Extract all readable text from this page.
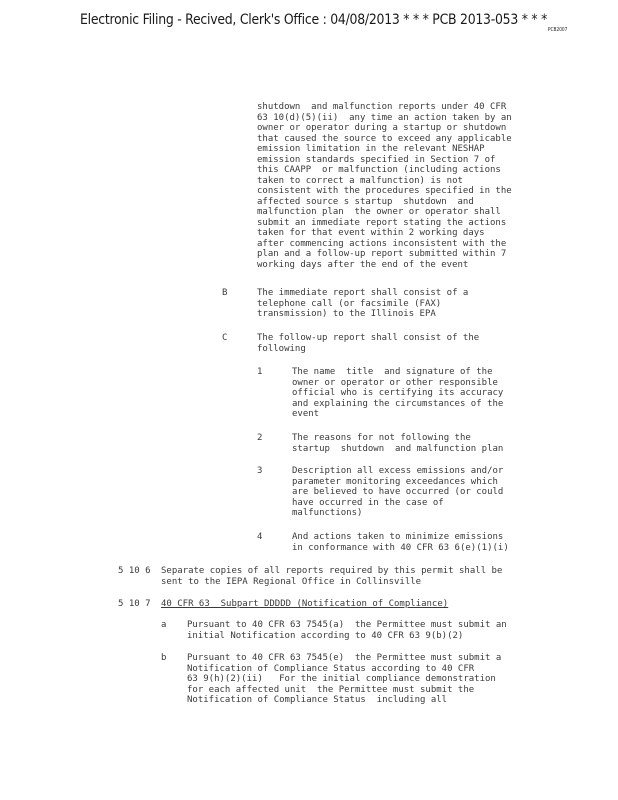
Electronic Filing - Recived, Clerk's Office : 04/08/2013 * * * PCB 2013-053 * * $*_{PCB2007}$

shutdown  and malfunction reports under 40 CFR

63 10(d)(5)(ii)  any time an action taken by an

owner or operator during a startup or shutdown

that caused the source to exceed any applicable

emission limitation in the relevant NESHAP

emission standards specified in Section 7 of

this CAAPP  or malfunction (including actions

taken to correct a malfunction) is not

consistent with the procedures specified in the

affected source s startup  shutdown  and

malfunction plan  the owner or operator shall

submit an immediate report stating the actions

taken for that event within 2 working days

after commencing actions inconsistent with the

plan and a follow-up report submitted within 7

working days after the end of the event

B	The immediate report shall consist of a

telephone call (or facsimile (FAX)

transmission) to the Illinois EPA

C	The follow-up report shall consist of the

following

1	The name  title  and signature of the

owner or operator or other responsible

official who is certifying its accuracy

and explaining the circumstances of the

event

2	The reasons for not following the

startup  shutdown  and malfunction plan

3	Description all excess emissions and/or

parameter monitoring exceedances which

are believed to have occurred (or could

have occurred in the case of

malfunctions)

4	And actions taken to minimize emissions

in conformance with 40 CFR 63 6(e)(1)(i)

5 10 6 Separate copies of all reports required by this permit shall be

sent to the IEPA Regional Office in Collinsville

5 10 7 40 CFR 63  Subpart DDDDD (Notification of Compliance)

a Pursuant to 40 CFR 63 7545(a)  the Permittee must submit an

initial Notification according to 40 CFR 63 9(b)(2)

b Pursuant to 40 CFR 63 7545(e)  the Permittee must submit a

Notification of Compliance Status according to 40 CFR

63 9(h)(2)(ii)   For the initial compliance demonstration

for each affected unit  the Permittee must submit the

Notification of Compliance Status  including all
